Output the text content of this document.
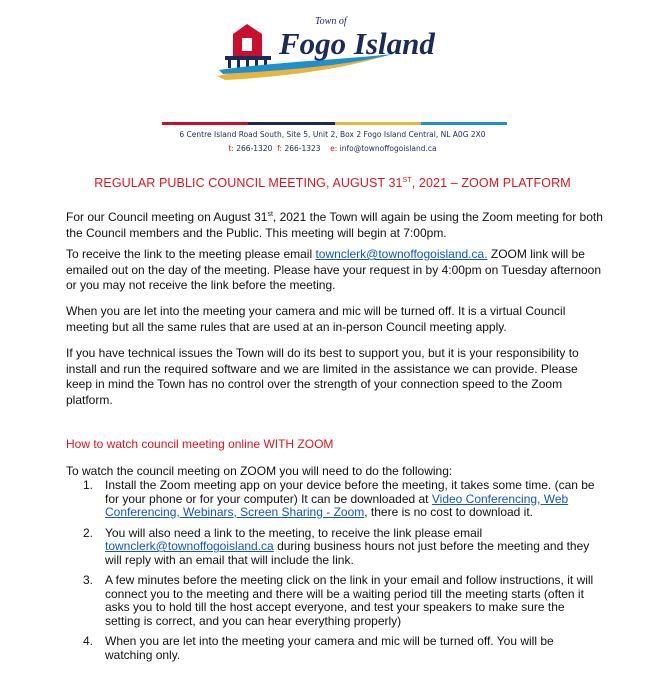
Town of
Fogo Island
6 Centre Island Road South, Site 5, Unit 2, Box 2 Fogo Island Central, NL A0G 2X0
t: 266-1320 f: 266-1323 e: info@townoffogoisland.ca
REGULAR PUBLIC COUNCIL MEETING, AUGUST 31ST, 2021 – ZOOM PLATFORM

For our Council meeting on August 31st, 2021 the Town will again be using the Zoom meeting for both the Council members and the Public. This meeting will begin at 7:00pm.

To receive the link to the meeting please email townclerk@townoffogoisland.ca. ZOOM link will be emailed out on the day of the meeting. Please have your request in by 4:00pm on Tuesday afternoon or you may not receive the link before the meeting.

When you are let into the meeting your camera and mic will be turned off. It is a virtual Council meeting but all the same rules that are used at an in-person Council meeting apply.

If you have technical issues the Town will do its best to support you, but it is your responsibility to install and run the required software and we are limited in the assistance we can provide. Please keep in mind the Town has no control over the strength of your connection speed to the Zoom platform.

How to watch council meeting online WITH ZOOM
To watch the council meeting on ZOOM you will need to do the following:
1. Install the Zoom meeting app on your device before the meeting, it takes some time. (can be for your phone or for your computer) It can be downloaded at Video Conferencing, Web Conferencing, Webinars, Screen Sharing - Zoom, there is no cost to download it.
2. You will also need a link to the meeting, to receive the link please email townclerk@townoffogoisland.ca during business hours not just before the meeting and they will reply with an email that will include the link.
3. A few minutes before the meeting click on the link in your email and follow instructions, it will connect you to the meeting and there will be a waiting period till the meeting starts (often it asks you to hold till the host accept everyone, and test your speakers to make sure the setting is correct, and you can hear everything properly)
4. When you are let into the meeting your camera and mic will be turned off. You will be watching only.
